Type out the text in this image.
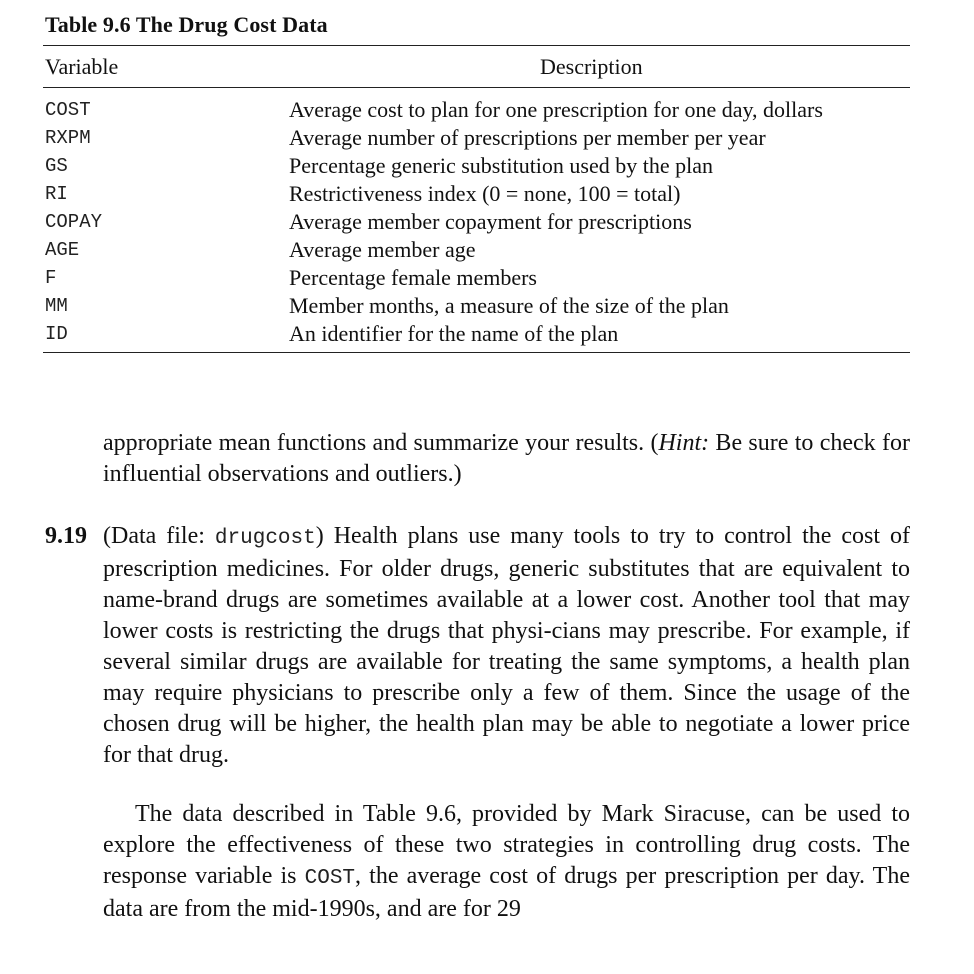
Table 9.6 The Drug Cost Data
Variable	Description
COST	Average cost to plan for one prescription for one day, dollars
RXPM	Average number of prescriptions per member per year
GS	Percentage generic substitution used by the plan
RI	Restrictiveness index (0 = none, 100 = total)
COPAY	Average member copayment for prescriptions
AGE	Average member age
F	Percentage female members
MM	Member months, a measure of the size of the plan
ID	An identifier for the name of the plan

appropriate mean functions and summarize your results. (Hint: Be sure to check for influential observations and outliers.)

9.19 (Data file: drugcost) Health plans use many tools to try to control the cost of prescription medicines. For older drugs, generic substitutes that are equivalent to name-brand drugs are sometimes available at a lower cost. Another tool that may lower costs is restricting the drugs that physi-cians may prescribe. For example, if several similar drugs are available for treating the same symptoms, a health plan may require physicians to prescribe only a few of them. Since the usage of the chosen drug will be higher, the health plan may be able to negotiate a lower price for that drug.

The data described in Table 9.6, provided by Mark Siracuse, can be used to explore the effectiveness of these two strategies in controlling drug costs. The response variable is COST, the average cost of drugs per prescription per day. The data are from the mid-1990s, and are for 29
